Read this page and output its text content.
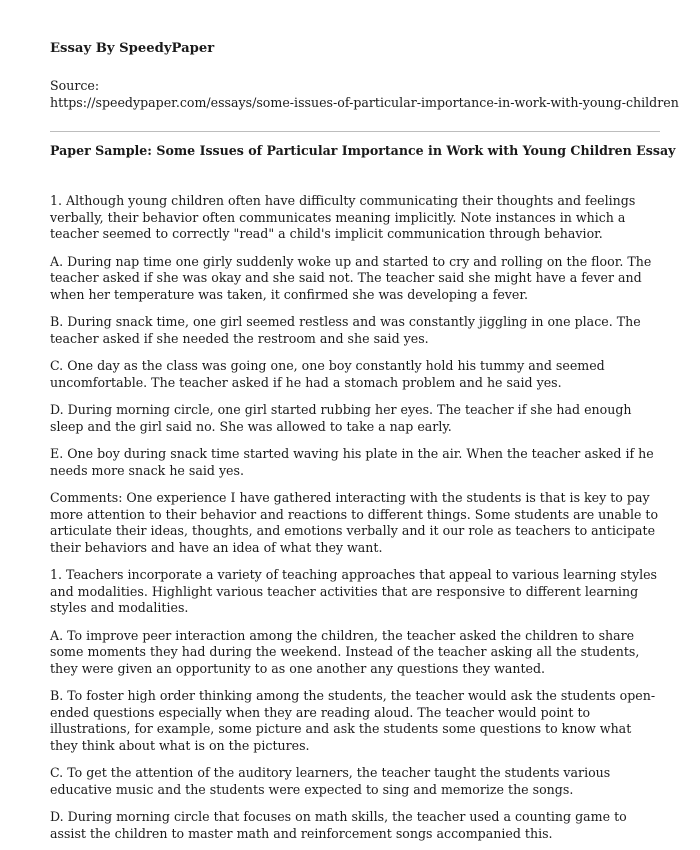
Essay By SpeedyPaper

Source:
https://speedypaper.com/essays/some-issues-of-particular-importance-in-work-with-young-children

Paper Sample: Some Issues of Particular Importance in Work with Young Children Essay

1. Although young children often have difficulty communicating their thoughts and feelings verbally, their behavior often communicates meaning implicitly. Note instances in which a teacher seemed to correctly "read" a child's implicit communication through behavior.

A. During nap time one girly suddenly woke up and started to cry and rolling on the floor. The teacher asked if she was okay and she said not. The teacher said she might have a fever and when her temperature was taken, it confirmed she was developing a fever.

B. During snack time, one girl seemed restless and was constantly jiggling in one place. The teacher asked if she needed the restroom and she said yes.

C. One day as the class was going one, one boy constantly hold his tummy and seemed uncomfortable. The teacher asked if he had a stomach problem and he said yes.

D. During morning circle, one girl started rubbing her eyes. The teacher if she had enough sleep and the girl said no. She was allowed to take a nap early.

E. One boy during snack time started waving his plate in the air. When the teacher asked if he needs more snack he said yes.

Comments: One experience I have gathered interacting with the students is that is key to pay more attention to their behavior and reactions to different things. Some students are unable to articulate their ideas, thoughts, and emotions verbally and it our role as teachers to anticipate their behaviors and have an idea of what they want.

1. Teachers incorporate a variety of teaching approaches that appeal to various learning styles and modalities. Highlight various teacher activities that are responsive to different learning styles and modalities.

A. To improve peer interaction among the children, the teacher asked the children to share some moments they had during the weekend. Instead of the teacher asking all the students, they were given an opportunity to as one another any questions they wanted.

B. To foster high order thinking among the students, the teacher would ask the students open-ended questions especially when they are reading aloud. The teacher would point to illustrations, for example, some picture and ask the students some questions to know what they think about what is on the pictures.

C. To get the attention of the auditory learners, the teacher taught the students various educative music and the students were expected to sing and memorize the songs.

D. During morning circle that focuses on math skills, the teacher used a counting game to assist the children to master math and reinforcement songs accompanied this.
